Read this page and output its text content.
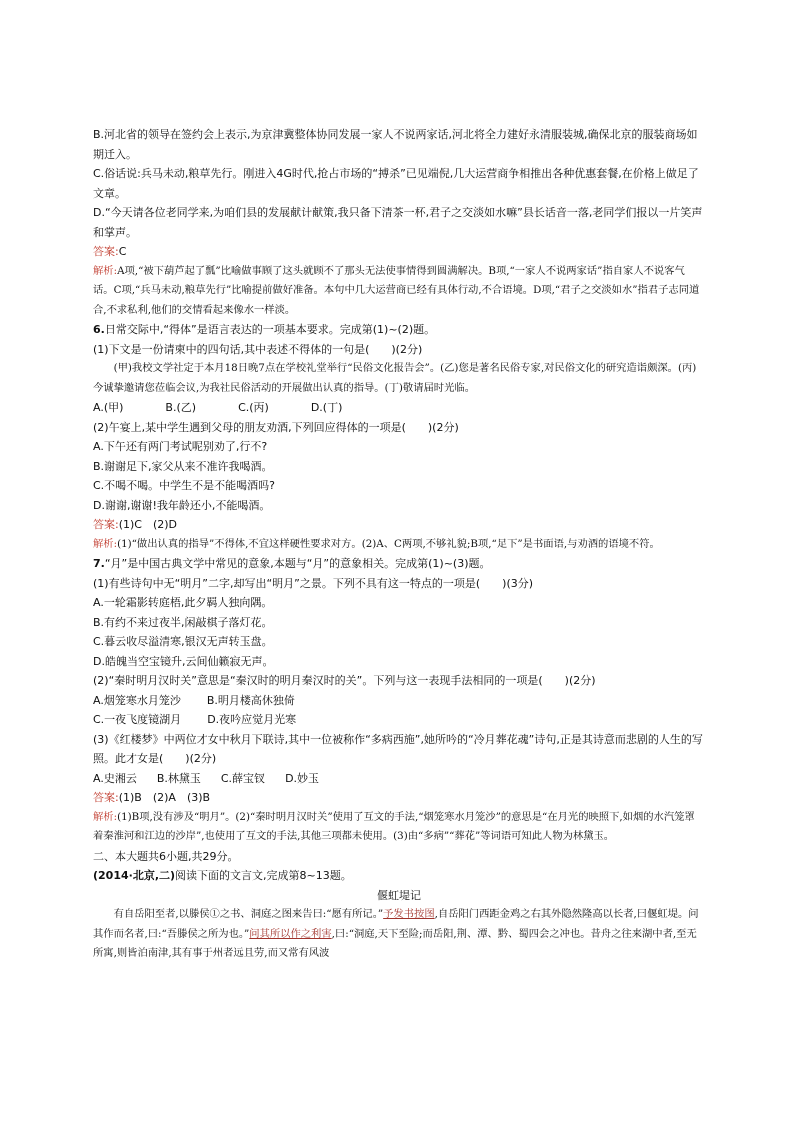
B.河北省的领导在签约会上表示,为京津冀整体协同发展一家人不说两家话,河北将全力建好永清服装城,确保北京的服装商场如期迁入。

C.俗话说:兵马未动,粮草先行。刚进入4G时代,抢占市场的“搏杀”已见端倪,几大运营商争相推出各种优惠套餐,在价格上做足了文章。

D.“今天请各位老同学来,为咱们县的发展献计献策,我只备下清茶一杯,君子之交淡如水嘛”县长话音一落,老同学们报以一片笑声和掌声。

答案:C

解析:A项,“被下葫芦起了瓢”比喻做事顾了这头就顾不了那头无法使事情得到圆满解决。B项,“一家人不说两家话”指自家人不说客气话。C项,“兵马未动,粮草先行”比喻提前做好准备。本句中几大运营商已经有具体行动,不合语境。D项,“君子之交淡如水”指君子志同道合,不求私利,他们的交情看起来像水一样淡。

6.日常交际中,“得体”是语言表达的一项基本要求。完成第(1)~(2)题。

(1)下文是一份请柬中的四句话,其中表述不得体的一句是(　　)(2分)

(甲)我校文学社定于本月18日晚7点在学校礼堂举行“民俗文化报告会”。(乙)您是著名民俗专家,对民俗文化的研究造诣颇深。(丙)今诚挚邀请您莅临会议,为我社民俗活动的开展做出认真的指导。(丁)敬请届时光临。

A.(甲)	B.(乙)	C.(丙)	D.(丁)

(2)午宴上,某中学生遇到父母的朋友劝酒,下列回应得体的一项是(　　)(2分)

A.下午还有两门考试呢别劝了,行不?

B.谢谢足下,家父从来不准许我喝酒。

C.不喝不喝。中学生不是不能喝酒吗?

D.谢谢,谢谢!我年龄还小,不能喝酒。

答案:(1)C　(2)D

解析:(1)“做出认真的指导”不得体,不宜这样硬性要求对方。(2)A、C两项,不够礼貌;B项,“足下”是书面语,与劝酒的语境不符。

7.“月”是中国古典文学中常见的意象,本题与“月”的意象相关。完成第(1)~(3)题。

(1)有些诗句中无“明月”二字,却写出“明月”之景。下列不具有这一特点的一项是(　　)(3分)

A.一轮霜影转庭梧,此夕羁人独向隅。

B.有约不来过夜半,闲敲棋子落灯花。

C.暮云收尽溢清寒,银汉无声转玉盘。

D.皓魄当空宝镜升,云间仙籁寂无声。

(2)“秦时明月汉时关”意思是“秦汉时的明月秦汉时的关”。下列与这一表现手法相同的一项是(　　)(2分)

A.烟笼寒水月笼沙 B.明月楼高休独倚
C.一夜飞度镜湖月 D.夜吟应觉月光寒

(3)《红楼梦》中两位才女中秋月下联诗,其中一位被称作“多病西施”,她所吟的“冷月葬花魂”诗句,正是其诗意而悲剧的人生的写照。此才女是(　　)(2分)

A.史湘云 B.林黛玉 C.薛宝钗 D.妙玉

答案:(1)B　(2)A　(3)B

解析:(1)B项,没有涉及“明月”。(2)“秦时明月汉时关”使用了互文的手法,“烟笼寒水月笼沙”的意思是“在月光的映照下,如烟的水汽笼罩着秦淮河和江边的沙岸”,也使用了互文的手法,其他三项都未使用。(3)由“多病”“葬花”等词语可知此人物为林黛玉。

二、本大题共6小题,共29分。

(2014·北京,二)阅读下面的文言文,完成第8~13题。

偃虹堤记

有自岳阳至者,以滕侯①之书、洞庭之图来告曰:“愿有所记。”予发书按图,自岳阳门西距金鸡之右其外隐然隆高以长者,曰偃虹堤。问其作而名者,曰:“吾滕侯之所为也。”问其所以作之利害,曰:“洞庭,天下至险;而岳阳,荆、潭、黔、蜀四会之冲也。昔舟之往来湖中者,至无所寓,则皆泊南津,其有事于州者远且劳,而又常有风波
